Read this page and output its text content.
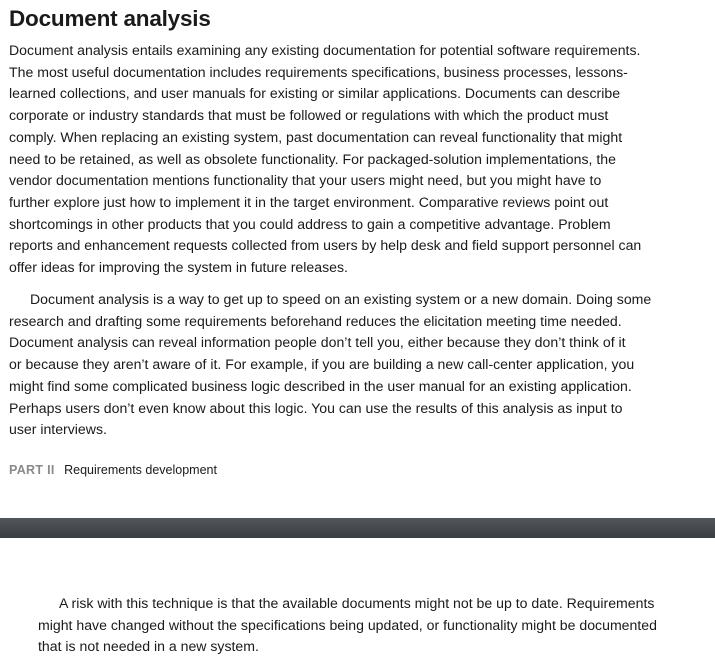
Document analysis

Document analysis entails examining any existing documentation for potential software requirements.
The most useful documentation includes requirements specifications, business processes, lessons-
learned collections, and user manuals for existing or similar applications. Documents can describe
corporate or industry standards that must be followed or regulations with which the product must
comply. When replacing an existing system, past documentation can reveal functionality that might
need to be retained, as well as obsolete functionality. For packaged-solution implementations, the
vendor documentation mentions functionality that your users might need, but you might have to
further explore just how to implement it in the target environment. Comparative reviews point out
shortcomings in other products that you could address to gain a competitive advantage. Problem
reports and enhancement requests collected from users by help desk and field support personnel can
offer ideas for improving the system in future releases.

Document analysis is a way to get up to speed on an existing system or a new domain. Doing some
research and drafting some requirements beforehand reduces the elicitation meeting time needed.
Document analysis can reveal information people don’t tell you, either because they don’t think of it
or because they aren’t aware of it. For example, if you are building a new call-center application, you
might find some complicated business logic described in the user manual for an existing application.
Perhaps users don’t even know about this logic. You can use the results of this analysis as input to
user interviews.

PART II Requirements development

A risk with this technique is that the available documents might not be up to date. Requirements
might have changed without the specifications being updated, or functionality might be documented
that is not needed in a new system.
